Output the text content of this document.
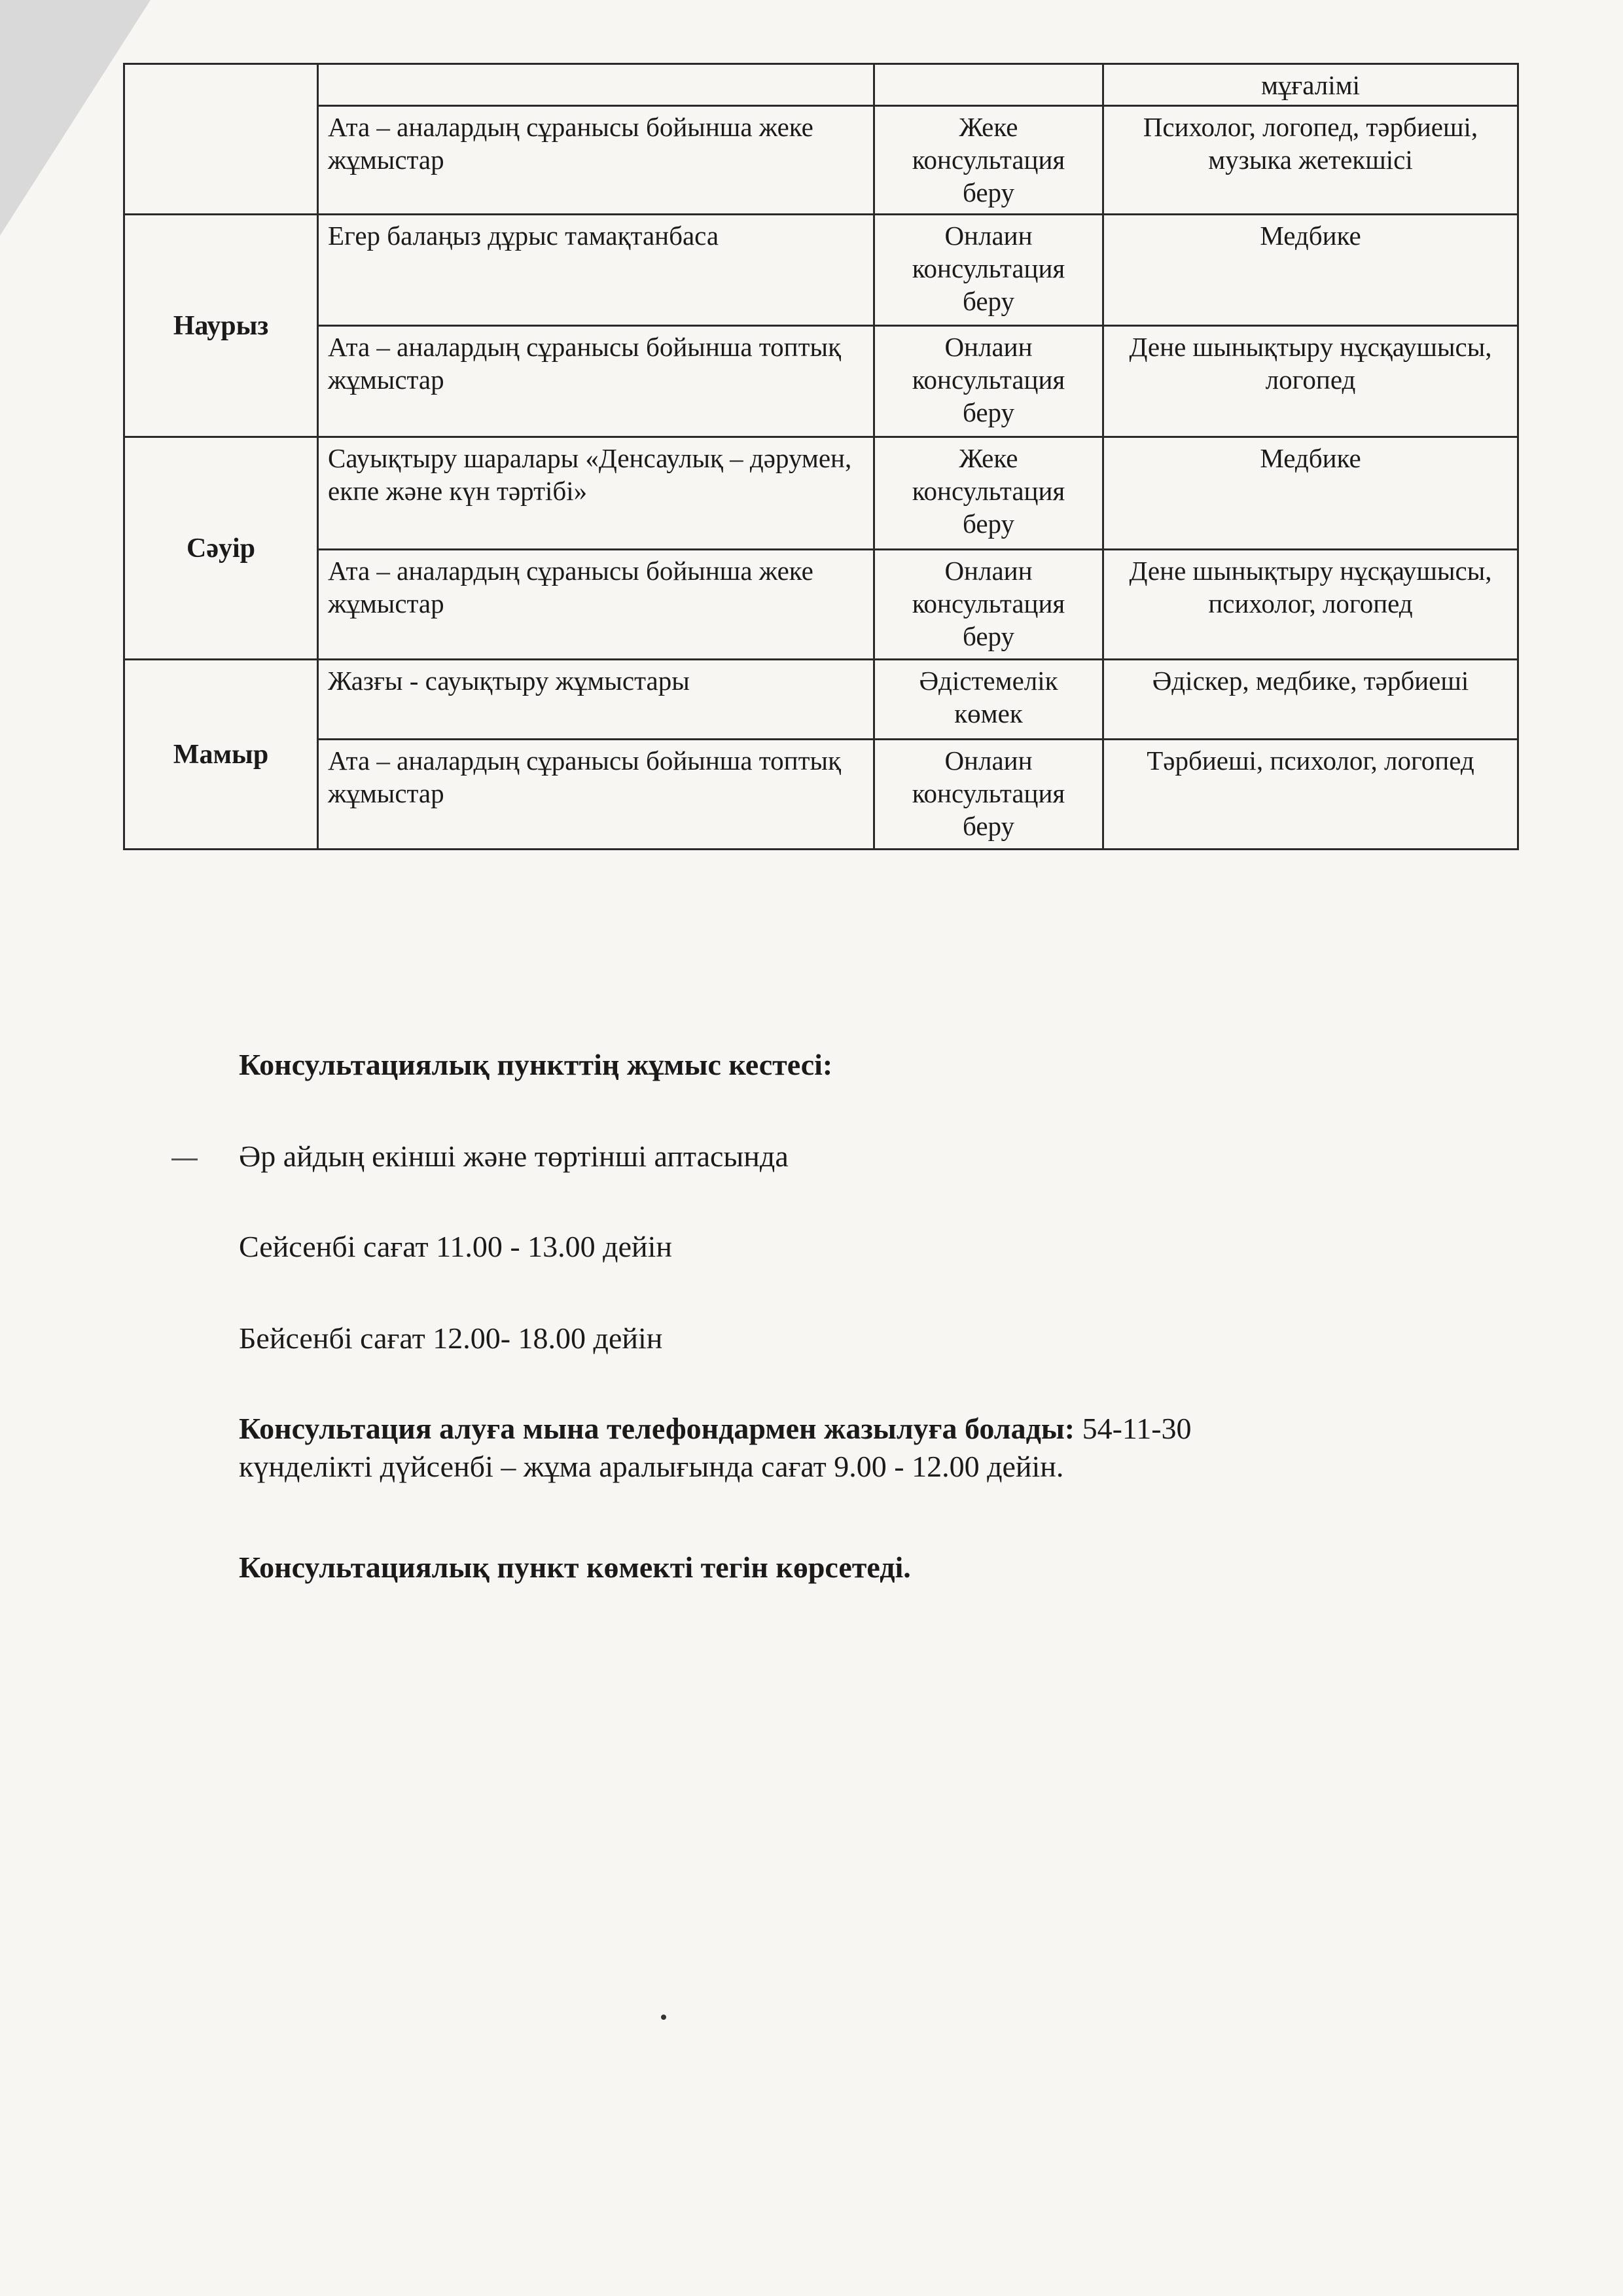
			мұғалімі
	Ата – аналардың сұранысы бойынша жеке жұмыстар	Жеке консультация беру	Психолог, логопед, тәрбиеші, музыка жетекшісі
Наурыз	Егер балаңыз дұрыс тамақтанбаса	Онлаин консультация беру	Медбике
	Ата – аналардың сұранысы бойынша топтық жұмыстар	Онлаин консультация беру	Дене шынықтыру нұсқаушысы, логопед
Сәуір	Сауықтыру шаралары «Денсаулық – дәрумен, екпе және күн тәртібі»	Жеке консультация беру	Медбике
	Ата – аналардың сұранысы бойынша жеке жұмыстар	Онлаин консультация беру	Дене шынықтыру нұсқаушысы, психолог, логопед
Мамыр	Жазғы - сауықтыру жұмыстары	Әдістемелік көмек	Әдіскер, медбике, тәрбиеші
	Ата – аналардың сұранысы бойынша топтық жұмыстар	Онлаин консультация беру	Тәрбиеші, психолог, логопед

Консультациялық пункттің жұмыс кестесі:

Әр айдың екінші және төртінші аптасында

Сейсенбі сағат 11.00 - 13.00 дейін

Бейсенбі сағат 12.00- 18.00 дейін

Консультация алуға мына телефондармен жазылуға болады: 54-11-30
күнделікті дүйсенбі – жұма аралығында сағат 9.00 - 12.00 дейін.

Консультациялық пункт көмекті тегін көрсетеді.
